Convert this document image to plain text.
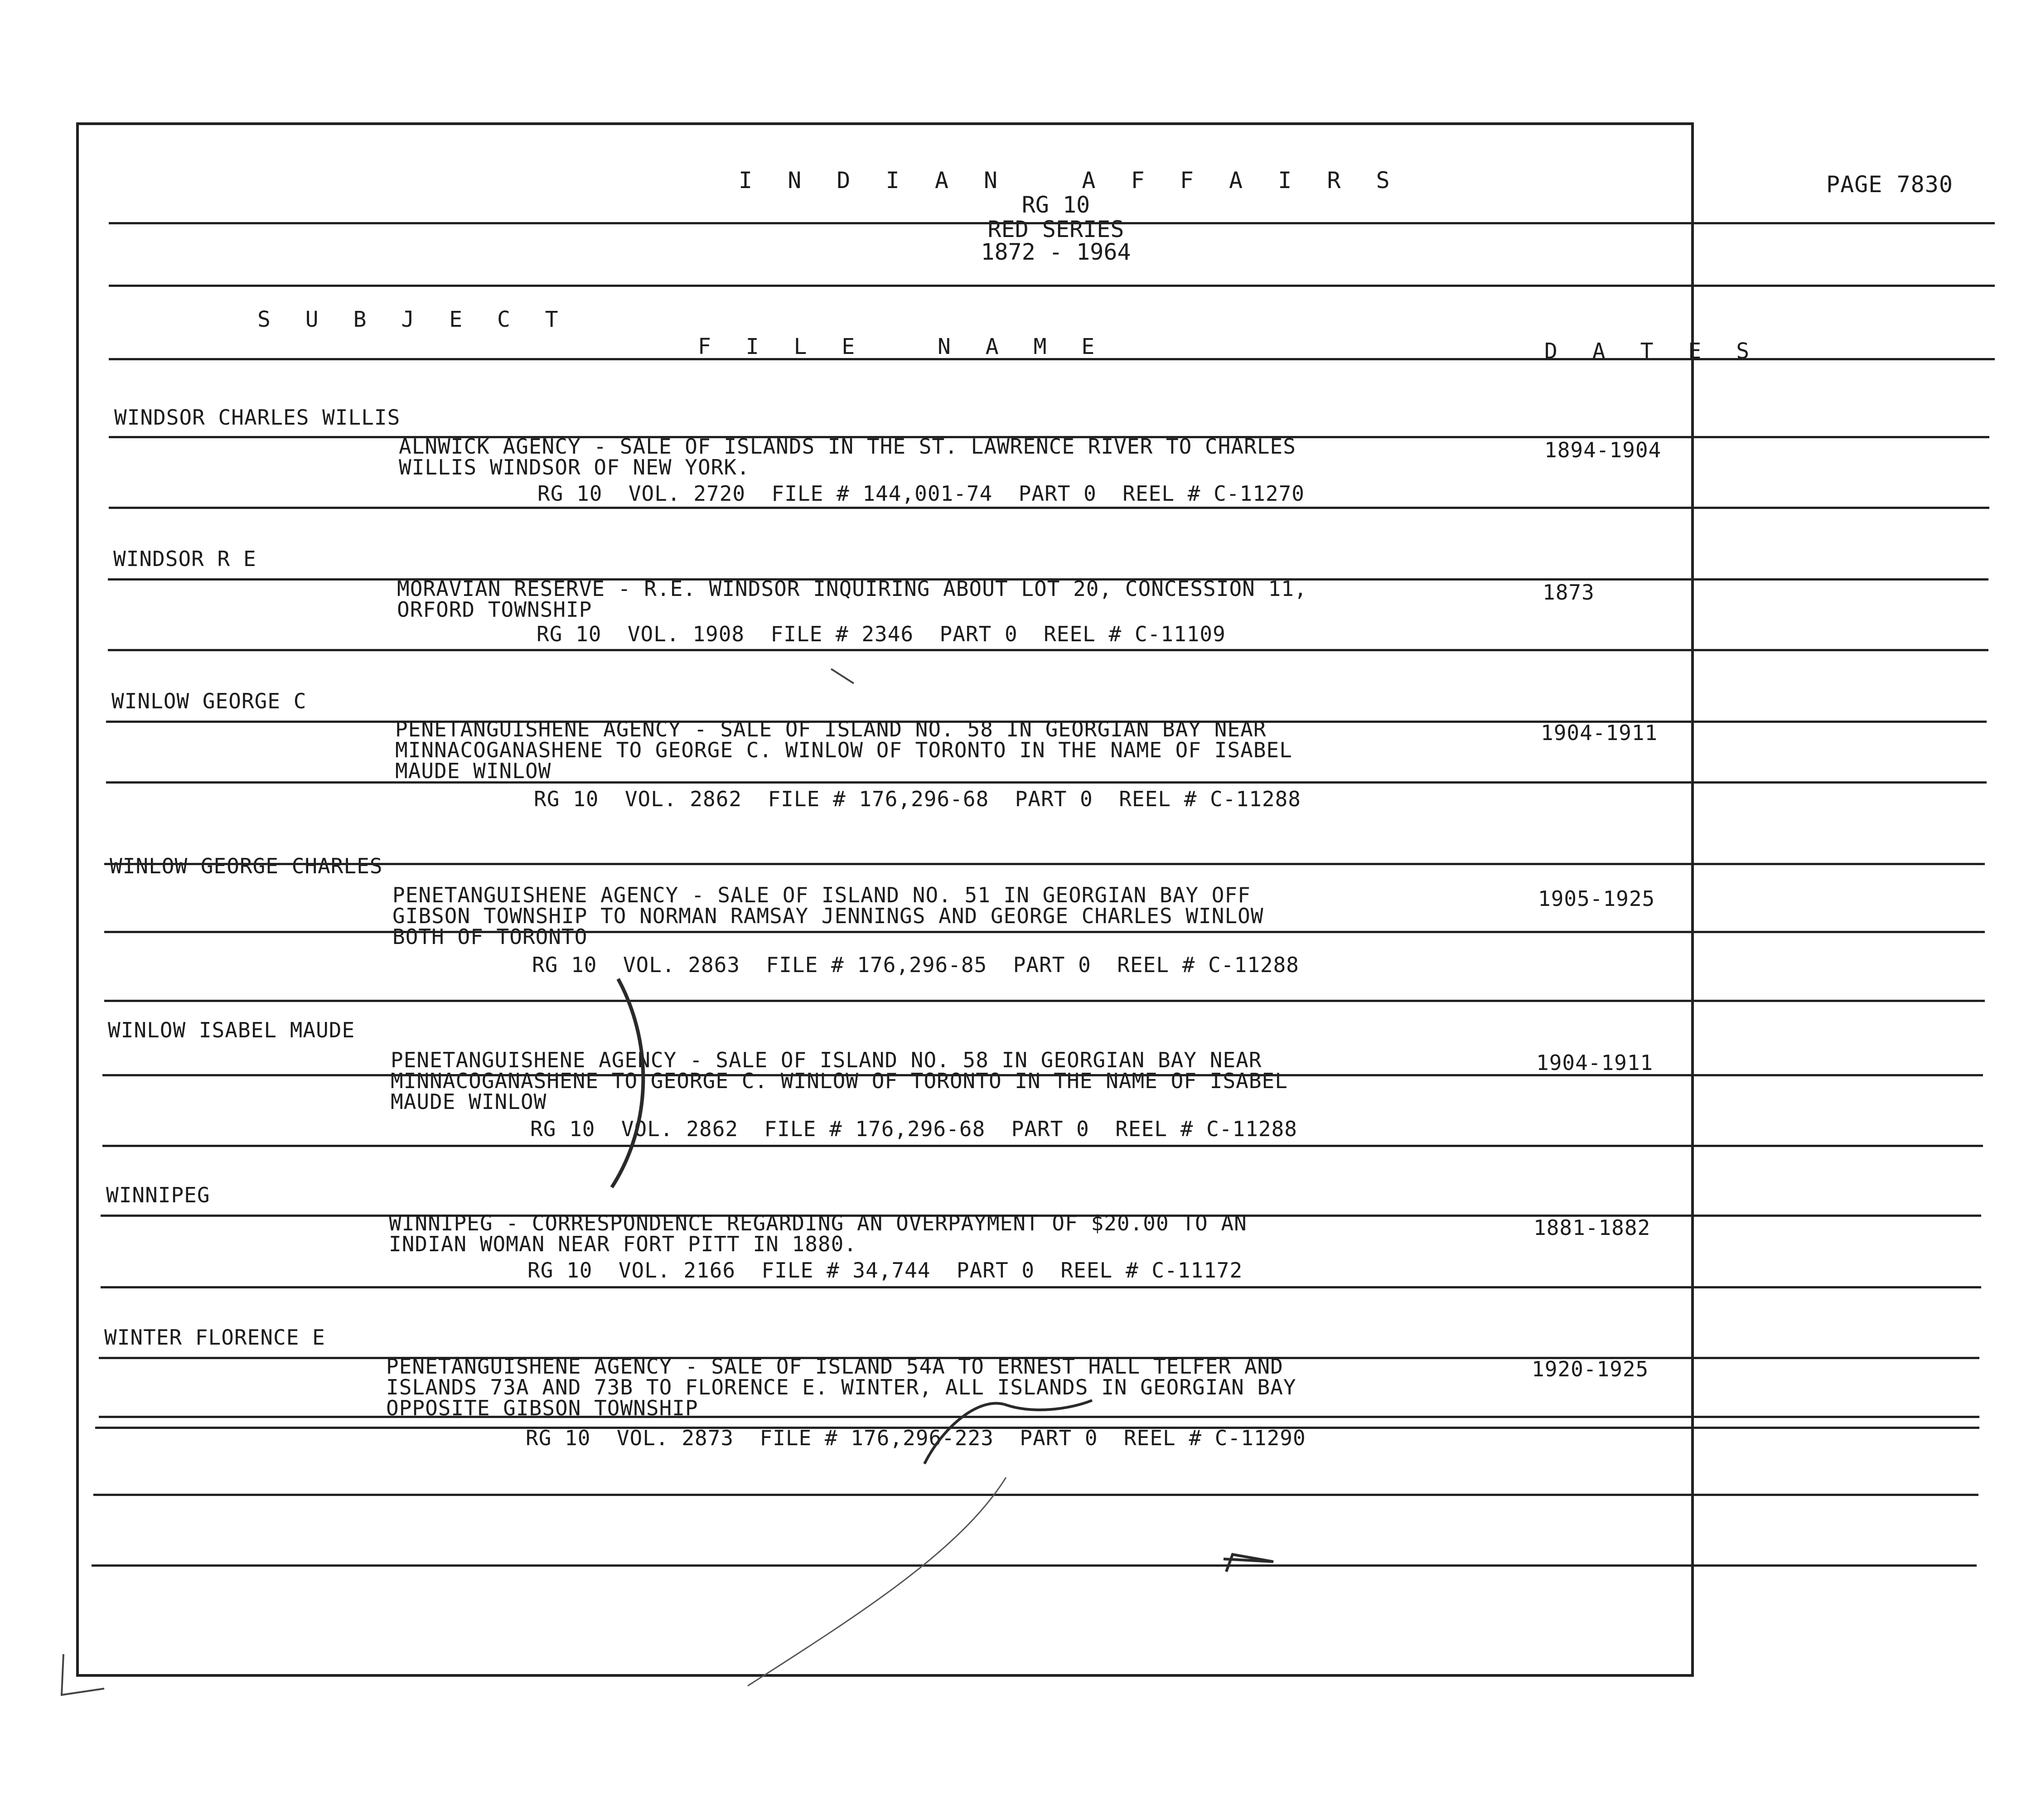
I N D I A N   A F F A I R S
RG 10
RED SERIES
1872 - 1964
PAGE 7830
S U B J E C T
F I L E   N A M E	D A T E S
WINDSOR CHARLES WILLIS
ALNWICK AGENCY - SALE OF ISLANDS IN THE ST. LAWRENCE RIVER TO CHARLES
WILLIS WINDSOR OF NEW YORK.
RG 10  VOL. 2720  FILE # 144,001-74  PART 0  REEL # C-11270
1894-1904
WINDSOR R E
MORAVIAN RESERVE - R.E. WINDSOR INQUIRING ABOUT LOT 20, CONCESSION 11,
ORFORD TOWNSHIP
RG 10  VOL. 1908  FILE # 2346  PART 0  REEL # C-11109
1873
WINLOW GEORGE C
PENETANGUISHENE AGENCY - SALE OF ISLAND NO. 58 IN GEORGIAN BAY NEAR
MINNACOGANASHENE TO GEORGE C. WINLOW OF TORONTO IN THE NAME OF ISABEL
MAUDE WINLOW
RG 10  VOL. 2862  FILE # 176,296-68  PART 0  REEL # C-11288
1904-1911
WINLOW GEORGE CHARLES
PENETANGUISHENE AGENCY - SALE OF ISLAND NO. 51 IN GEORGIAN BAY OFF
GIBSON TOWNSHIP TO NORMAN RAMSAY JENNINGS AND GEORGE CHARLES WINLOW
BOTH OF TORONTO
RG 10  VOL. 2863  FILE # 176,296-85  PART 0  REEL # C-11288
1905-1925
WINLOW ISABEL MAUDE
PENETANGUISHENE AGENCY - SALE OF ISLAND NO. 58 IN GEORGIAN BAY NEAR
MINNACOGANASHENE TO GEORGE C. WINLOW OF TORONTO IN THE NAME OF ISABEL
MAUDE WINLOW
RG 10  VOL. 2862  FILE # 176,296-68  PART 0  REEL # C-11288
1904-1911
WINNIPEG
WINNIPEG - CORRESPONDENCE REGARDING AN OVERPAYMENT OF $20.00 TO AN
INDIAN WOMAN NEAR FORT PITT IN 1880.
RG 10  VOL. 2166  FILE # 34,744  PART 0  REEL # C-11172
1881-1882
WINTER FLORENCE E
PENETANGUISHENE AGENCY - SALE OF ISLAND 54A TO ERNEST HALL TELFER AND
ISLANDS 73A AND 73B TO FLORENCE E. WINTER, ALL ISLANDS IN GEORGIAN BAY
OPPOSITE GIBSON TOWNSHIP
RG 10  VOL. 2873  FILE # 176,296-223  PART 0  REEL # C-11290
1920-1925
